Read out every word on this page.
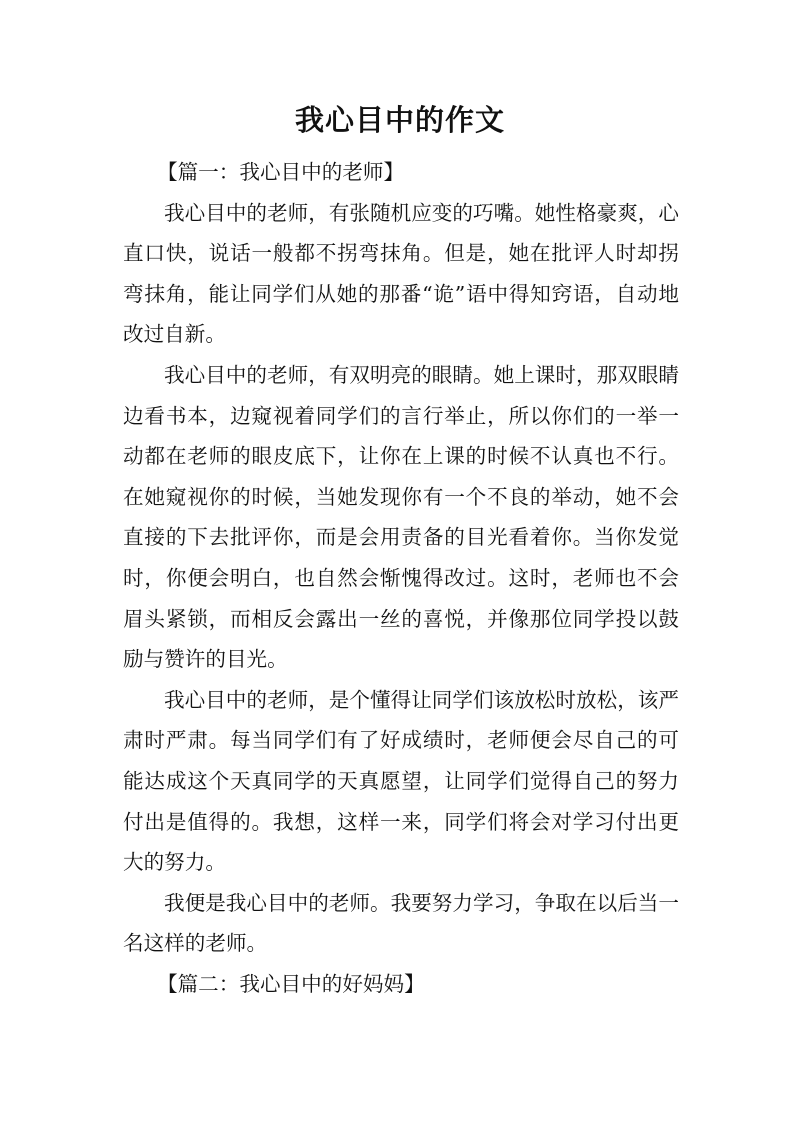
我心目中的作文

【篇一：我心目中的老师】

我心目中的老师，有张随机应变的巧嘴。她性格豪爽，心直口快，说话一般都不拐弯抹角。但是，她在批评人时却拐弯抹角，能让同学们从她的那番“诡”语中得知窍语，自动地改过自新。

我心目中的老师，有双明亮的眼睛。她上课时，那双眼睛边看书本，边窥视着同学们的言行举止，所以你们的一举一动都在老师的眼皮底下，让你在上课的时候不认真也不行。在她窥视你的时候，当她发现你有一个不良的举动，她不会直接的下去批评你，而是会用责备的目光看着你。当你发觉时，你便会明白，也自然会惭愧得改过。这时，老师也不会眉头紧锁，而相反会露出一丝的喜悦，并像那位同学投以鼓励与赞许的目光。

我心目中的老师，是个懂得让同学们该放松时放松，该严肃时严肃。每当同学们有了好成绩时，老师便会尽自己的可能达成这个天真同学的天真愿望，让同学们觉得自己的努力付出是值得的。我想，这样一来，同学们将会对学习付出更大的努力。

我便是我心目中的老师。我要努力学习，争取在以后当一名这样的老师。

【篇二：我心目中的好妈妈】
